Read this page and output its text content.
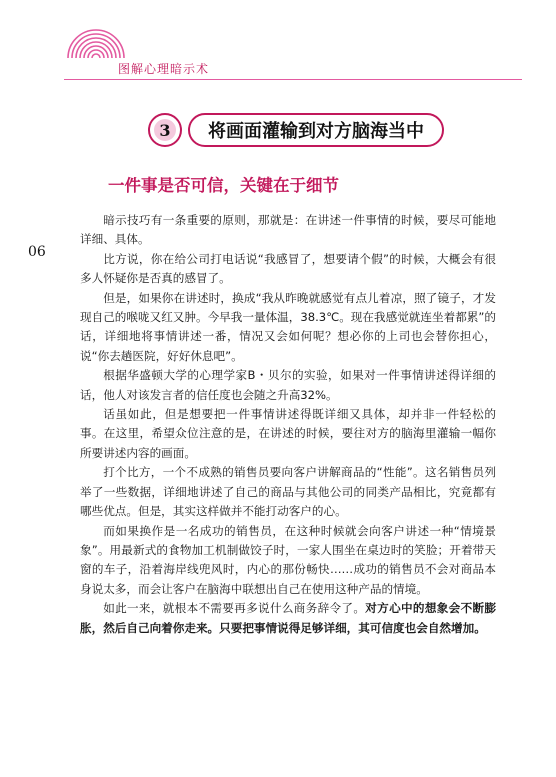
图解心理暗示术
3	将画面灌输到对方脑海当中
一件事是否可信，关键在于细节
06

暗示技巧有一条重要的原则，那就是：在讲述一件事情的时候，要尽可能地详细、具体。

比方说，你在给公司打电话说“我感冒了，想要请个假”的时候，大概会有很多人怀疑你是否真的感冒了。

但是，如果你在讲述时，换成“我从昨晚就感觉有点儿着凉，照了镜子，才发现自己的喉咙又红又肿。今早我一量体温，38.3℃。现在我感觉就连坐着都累”的话，详细地将事情讲述一番，情况又会如何呢？想必你的上司也会替你担心，说“你去趟医院，好好休息吧”。

根据华盛顿大学的心理学家B・贝尔的实验，如果对一件事情讲述得详细的话，他人对该发言者的信任度也会随之升高32%。

话虽如此，但是想要把一件事情讲述得既详细又具体，却并非一件轻松的事。在这里，希望众位注意的是，在讲述的时候，要往对方的脑海里灌输一幅你所要讲述内容的画面。

打个比方，一个不成熟的销售员要向客户讲解商品的“性能”。这名销售员列举了一些数据，详细地讲述了自己的商品与其他公司的同类产品相比，究竟都有哪些优点。但是，其实这样做并不能打动客户的心。

而如果换作是一名成功的销售员，在这种时候就会向客户讲述一种“情境景象”。用最新式的食物加工机制做饺子时，一家人围坐在桌边时的笑脸；开着带天窗的车子，沿着海岸线兜风时，内心的那份畅快……成功的销售员不会对商品本身说太多，而会让客户在脑海中联想出自己在使用这种产品的情境。

如此一来，就根本不需要再多说什么商务辞令了。对方心中的想象会不断膨胀，然后自己向着你走来。只要把事情说得足够详细，其可信度也会自然增加。
